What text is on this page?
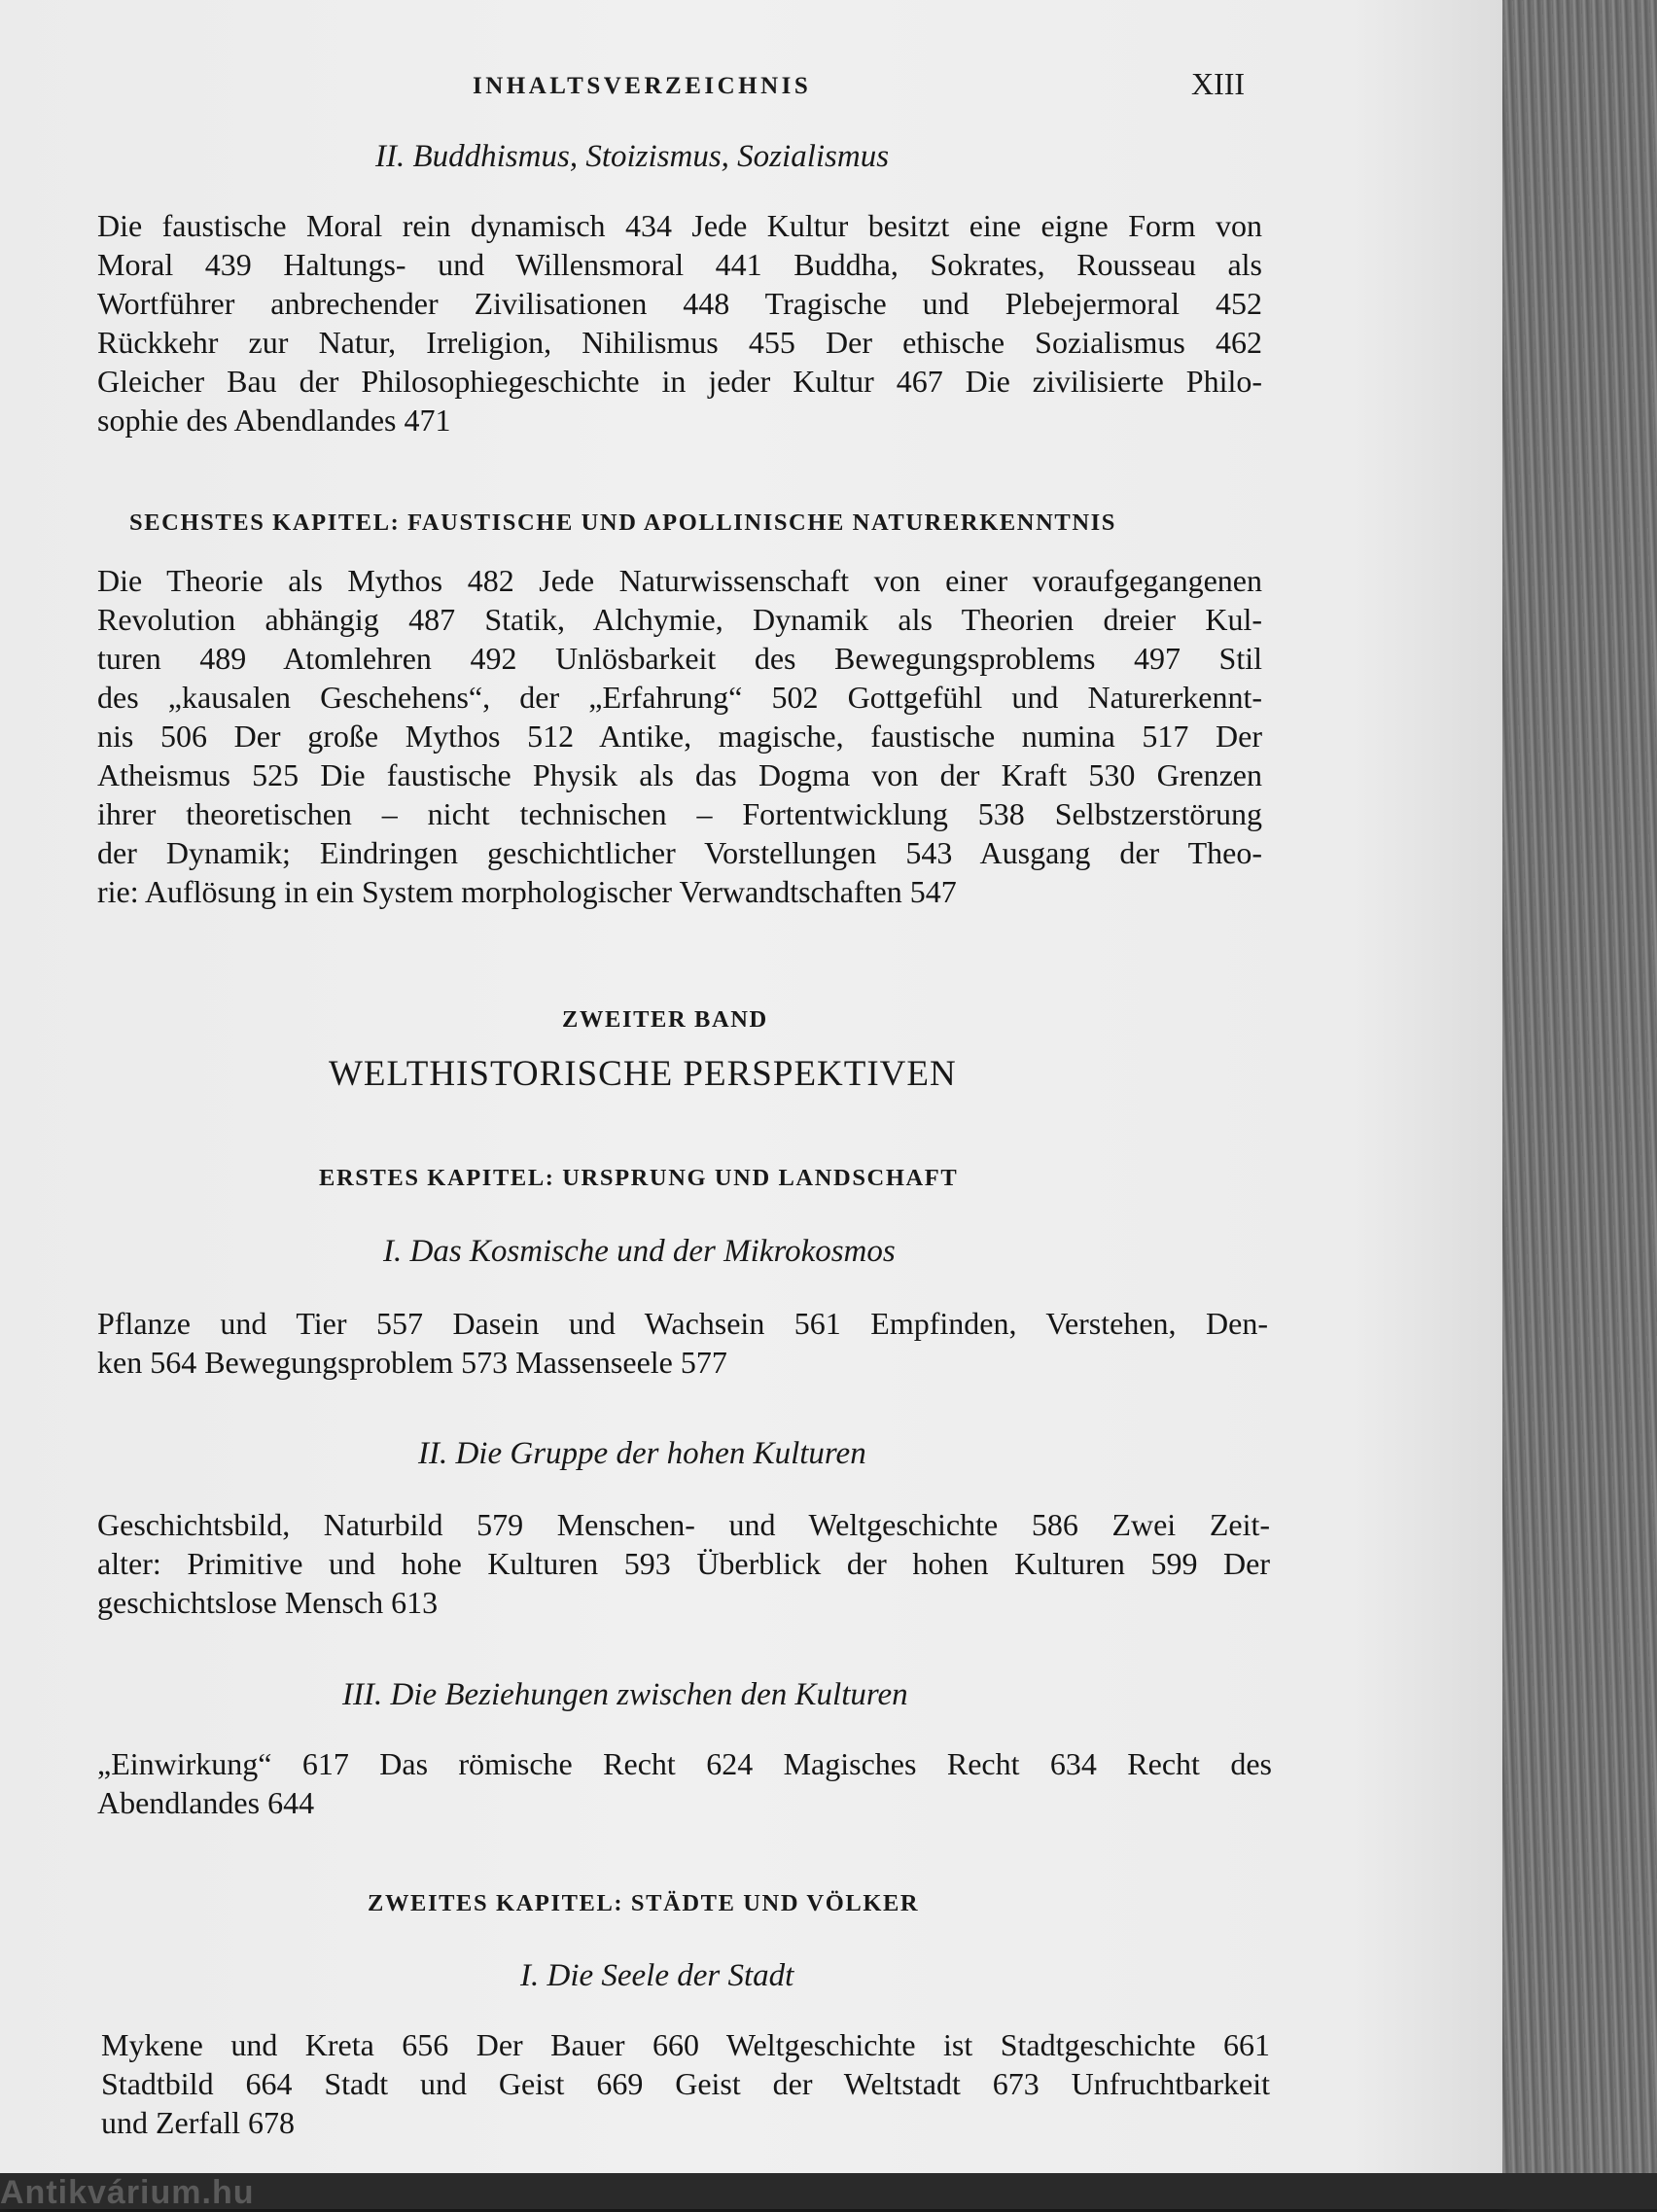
INHALTSVERZEICHNIS	XIII
II. Buddhismus, Stoizismus, Sozialismus
Die faustische Moral rein dynamisch 434 Jede Kultur besitzt eine eigne Form von
Moral 439 Haltungs- und Willensmoral 441 Buddha, Sokrates, Rousseau als
Wortführer anbrechender Zivilisationen 448 Tragische und Plebejermoral 452
Rückkehr zur Natur, Irreligion, Nihilismus 455 Der ethische Sozialismus 462
Gleicher Bau der Philosophiegeschichte in jeder Kultur 467 Die zivilisierte Philo-
sophie des Abendlandes 471
SECHSTES KAPITEL: FAUSTISCHE UND APOLLINISCHE NATURERKENNTNIS
Die Theorie als Mythos 482 Jede Naturwissenschaft von einer voraufgegangenen
Revolution abhängig 487 Statik, Alchymie, Dynamik als Theorien dreier Kul-
turen 489 Atomlehren 492 Unlösbarkeit des Bewegungsproblems 497 Stil
des „kausalen Geschehens“, der „Erfahrung“ 502 Gottgefühl und Naturerkennt-
nis 506 Der große Mythos 512 Antike, magische, faustische numina 517 Der
Atheismus 525 Die faustische Physik als das Dogma von der Kraft 530 Grenzen
ihrer theoretischen – nicht technischen – Fortentwicklung 538 Selbstzerstörung
der Dynamik; Eindringen geschichtlicher Vorstellungen 543 Ausgang der Theo-
rie: Auflösung in ein System morphologischer Verwandtschaften 547
ZWEITER BAND
WELTHISTORISCHE PERSPEKTIVEN
ERSTES KAPITEL: URSPRUNG UND LANDSCHAFT
I. Das Kosmische und der Mikrokosmos
Pflanze und Tier 557 Dasein und Wachsein 561 Empfinden, Verstehen, Den-
ken 564 Bewegungsproblem 573 Massenseele 577
II. Die Gruppe der hohen Kulturen
Geschichtsbild, Naturbild 579 Menschen- und Weltgeschichte 586 Zwei Zeit-
alter: Primitive und hohe Kulturen 593 Überblick der hohen Kulturen 599 Der
geschichtslose Mensch 613
III. Die Beziehungen zwischen den Kulturen
„Einwirkung“ 617 Das römische Recht 624 Magisches Recht 634 Recht des
Abendlandes 644
ZWEITES KAPITEL: STÄDTE UND VÖLKER
I. Die Seele der Stadt
Mykene und Kreta 656 Der Bauer 660 Weltgeschichte ist Stadtgeschichte 661
Stadtbild 664 Stadt und Geist 669 Geist der Weltstadt 673 Unfruchtbarkeit
und Zerfall 678
Antikvárium.hu
